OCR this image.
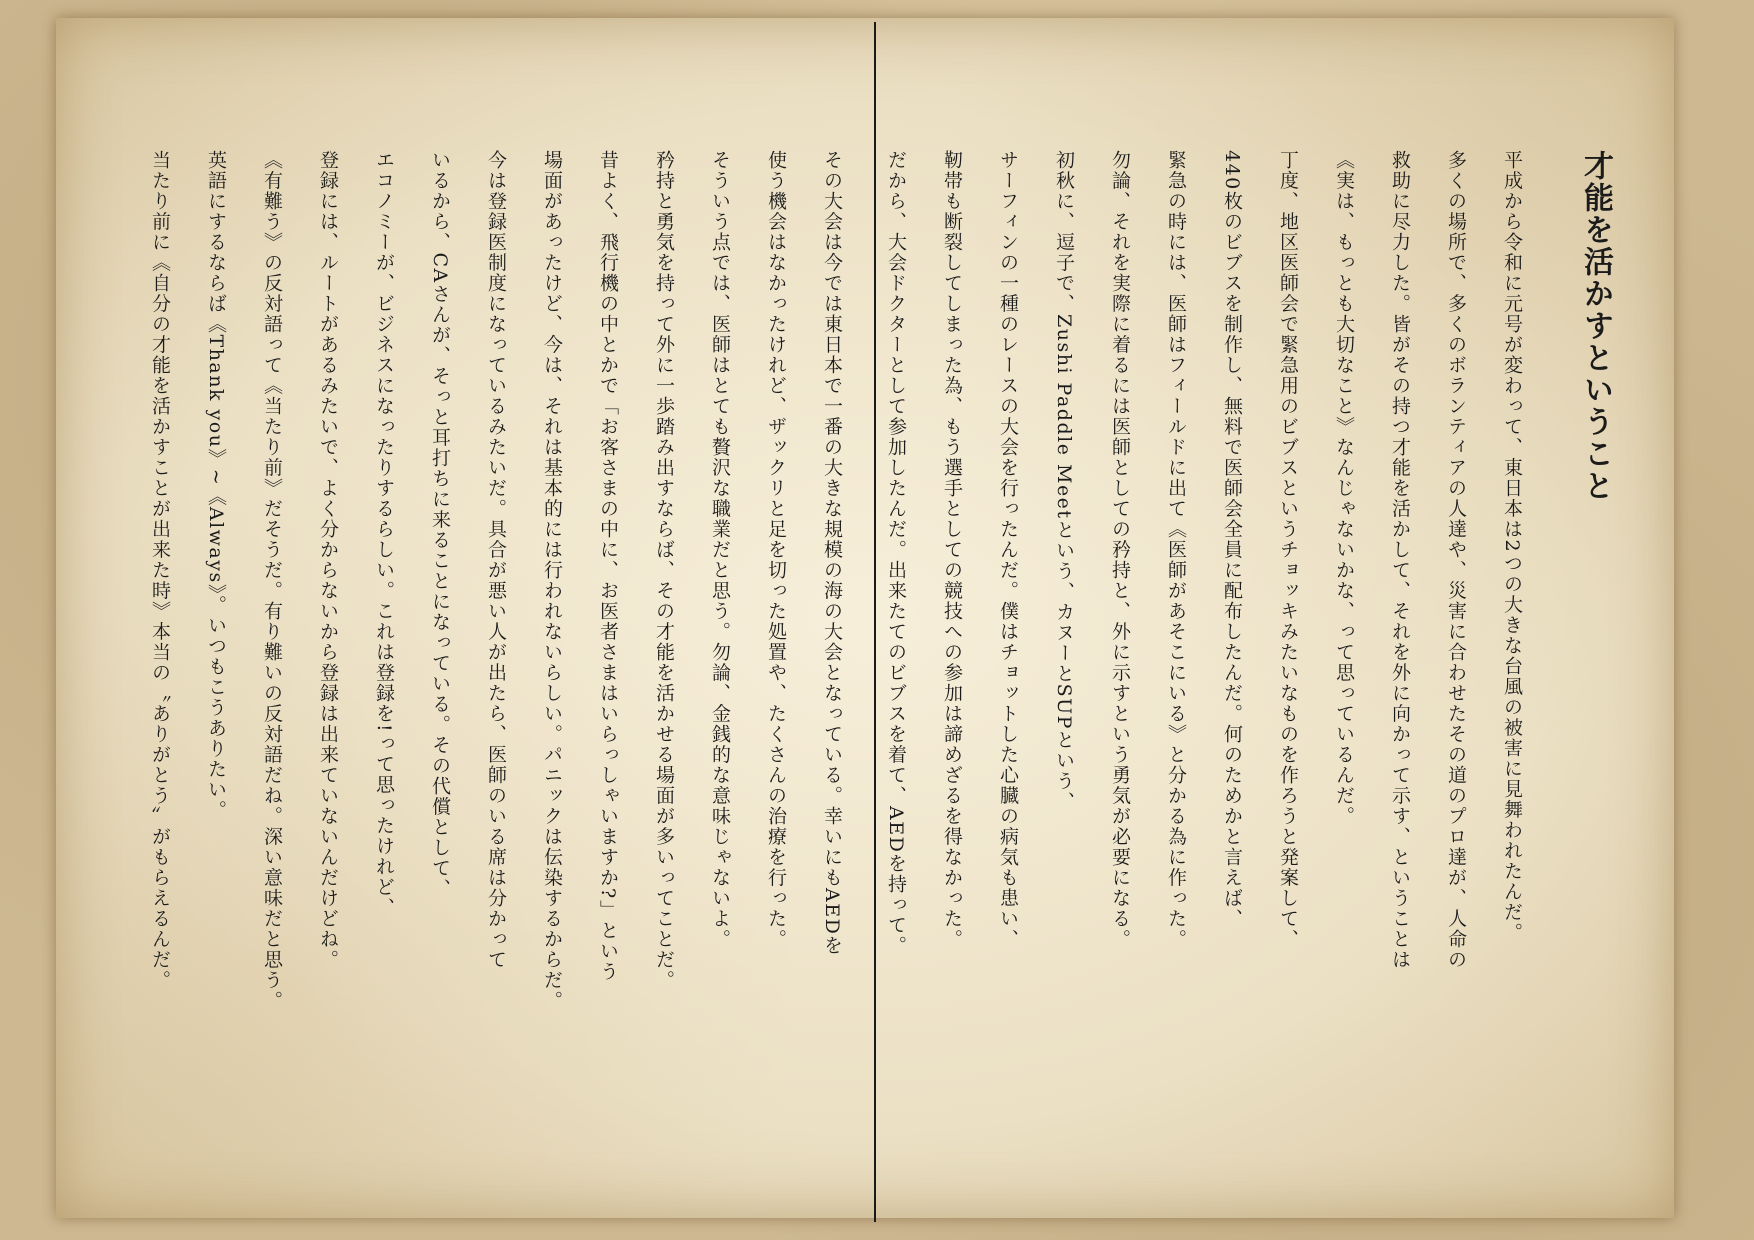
才能を活かすということ
平成から令和に元号が変わって、東日本は2つの大きな台風の被害に見舞われたんだ。
多くの場所で、多くのボランティアの人達や、災害に合わせたその道のプロ達が、人命の
救助に尽力した。皆がその持つ才能を活かして、それを外に向かって示す、ということは
《実は、もっとも大切なこと》なんじゃないかな、って思っているんだ。
丁度、地区医師会で緊急用のビブスというチョッキみたいなものを作ろうと発案して、
440枚のビブスを制作し、無料で医師会全員に配布したんだ。何のためかと言えば、
緊急の時には、医師はフィールドに出て《医師があそこにいる》と分かる為に作った。
勿論、それを実際に着るには医師としての矜持と、外に示すという勇気が必要になる。
初秋に、逗子で、Zushi Paddle Meetという、カヌーとSUPという、
サーフィンの一種のレースの大会を行ったんだ。僕はチョットした心臓の病気も患い、
靭帯も断裂してしまった為、もう選手としての競技への参加は諦めざるを得なかった。
だから、大会ドクターとして参加したんだ。出来たてのビブスを着て、AEDを持って。
その大会は今では東日本で一番の大きな規模の海の大会となっている。幸いにもAEDを
使う機会はなかったけれど、ザックリと足を切った処置や、たくさんの治療を行った。
そういう点では、医師はとても贅沢な職業だと思う。勿論、金銭的な意味じゃないよ。
矜持と勇気を持って外に一歩踏み出すならば、その才能を活かせる場面が多いってことだ。
昔よく、飛行機の中とかで「お客さまの中に、お医者さまはいらっしゃいますか?」という
場面があったけど、今は、それは基本的には行われないらしい。パニックは伝染するからだ。
今は登録医制度になっているみたいだ。具合が悪い人が出たら、医師のいる席は分かって
いるから、CAさんが、そっと耳打ちに来ることになっている。その代償として、
エコノミーが、ビジネスになったりするらしい。これは登録を!って思ったけれど、
登録には、ルートがあるみたいで、よく分からないから登録は出来ていないんだけどね。
《有難う》の反対語って《当たり前》だそうだ。有り難いの反対語だね。深い意味だと思う。
英語にするならば《Thank you》~《Always》。いつもこうありたい。
当たり前に《自分の才能を活かすことが出来た時》本当の〝ありがとう〟がもらえるんだ。
